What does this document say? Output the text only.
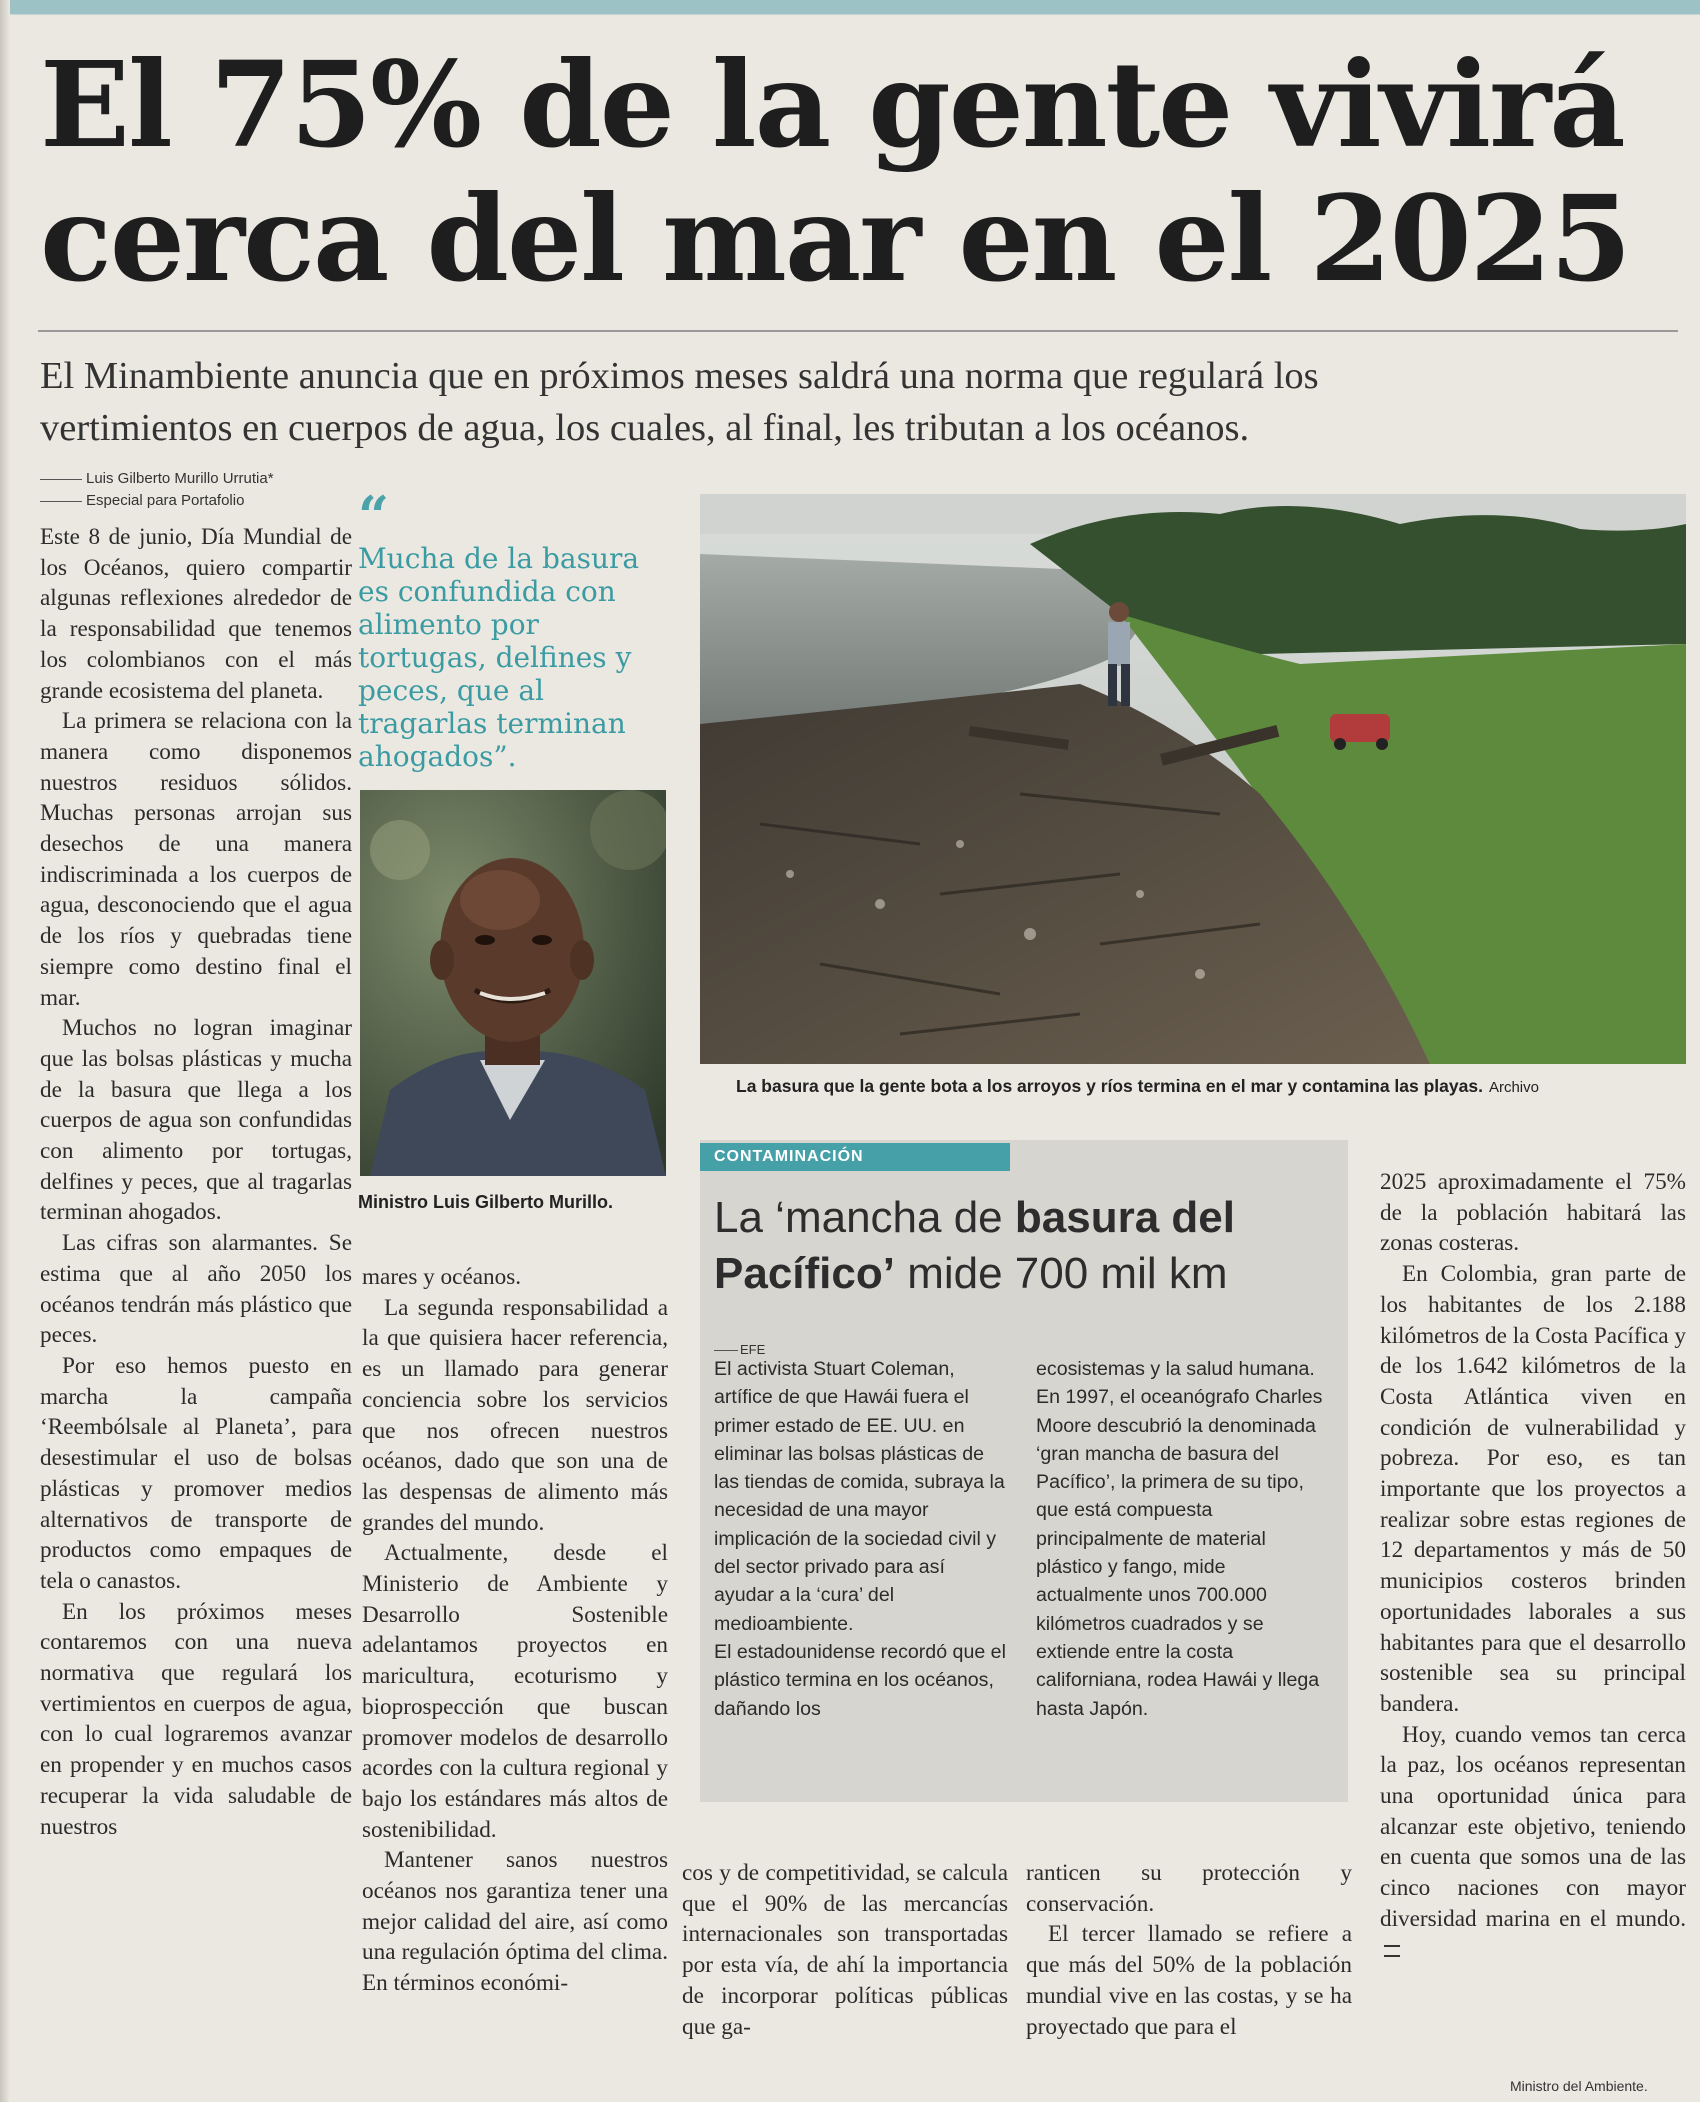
El 75% de la gente vivirá
cerca del mar en el 2025
El Minambiente anuncia que en próximos meses saldrá una norma que regulará los
vertimientos en cuerpos de agua, los cuales, al final, les tributan a los océanos.
Luis Gilberto Murillo Urrutia*
Especial para Portafolio

Este 8 de junio, Día Mundial de los Océanos, quiero compartir algunas reflexiones alrededor de la responsabilidad que tenemos los colombianos con el más grande ecosistema del planeta.

La primera se relaciona con la manera como disponemos nuestros residuos sólidos. Muchas personas arrojan sus desechos de una manera indiscriminada a los cuerpos de agua, desconociendo que el agua de los ríos y quebradas tiene siempre como destino final el mar.

Muchos no logran imaginar que las bolsas plásticas y mucha de la basura que llega a los cuerpos de agua son confundidas con alimento por tortugas, delfines y peces, que al tragarlas terminan ahogados.

Las cifras son alarmantes. Se estima que al año 2050 los océanos tendrán más plástico que peces.

Por eso hemos puesto en marcha la campaña ‘Reembólsale al Planeta’, para desestimular el uso de bolsas plásticas y promover medios alternativos de transporte de productos como empaques de tela o canastos.

En los próximos meses contaremos con una nueva normativa que regulará los vertimientos en cuerpos de agua, con lo cual lograremos avanzar en propender y en muchos casos recuperar la vida saludable de nuestros

“
Mucha de la basura es confundida con alimento por tortugas, delfines y peces, que al tragarlas terminan ahogados”.
Ministro Luis Gilberto Murillo.
La basura que la gente bota a los arroyos y ríos termina en el mar y contamina las playas. Archivo
CONTAMINACIÓN
La ‘mancha de basura del
Pacífico’ mide 700 mil km
EFE

El activista Stuart Coleman, artífice de que Hawái fuera el primer estado de EE. UU. en eliminar las bolsas plásticas de las tiendas de comida, subraya la necesidad de una mayor implicación de la sociedad civil y del sector privado para así ayudar a la ‘cura’ del medioambiente.

El estadounidense recordó que el plástico termina en los océanos, dañando los

ecosistemas y la salud humana.

En 1997, el oceanógrafo Charles Moore descubrió la denominada ‘gran mancha de basura del Pacífico’, la primera de su tipo, que está compuesta principalmente de material plástico y fango, mide actualmente unos 700.000 kilómetros cuadrados y se extiende entre la costa californiana, rodea Hawái y llega hasta Japón.

mares y océanos.

La segunda responsabilidad a la que quisiera hacer referencia, es un llamado para generar conciencia sobre los servicios que nos ofrecen nuestros océanos, dado que son una de las despensas de alimento más grandes del mundo.

Actualmente, desde el Ministerio de Ambiente y Desarrollo Sostenible adelantamos proyectos en maricultura, ecoturismo y bioprospección que buscan promover modelos de desarrollo acordes con la cultura regional y bajo los estándares más altos de sostenibilidad.

Mantener sanos nuestros océanos nos garantiza tener una mejor calidad del aire, así como una regulación óptima del clima. En términos económi-

cos y de competitividad, se calcula que el 90% de las mercancías internacionales son transportadas por esta vía, de ahí la importancia de incorporar políticas públicas que ga-

ranticen su protección y conservación.

El tercer llamado se refiere a que más del 50% de la población mundial vive en las costas, y se ha proyectado que para el

2025 aproximadamente el 75% de la población habitará las zonas costeras.

En Colombia, gran parte de los habitantes de los 2.188 kilómetros de la Costa Pacífica y de los 1.642 kilómetros de la Costa Atlántica viven en condición de vulnerabilidad y pobreza. Por eso, es tan importante que los proyectos a realizar sobre estas regiones de 12 departamentos y más de 50 municipios costeros brinden oportunidades laborales a sus habitantes para que el desarrollo sostenible sea su principal bandera.

Hoy, cuando vemos tan cerca la paz, los océanos representan una oportunidad única para alcanzar este objetivo, teniendo en cuenta que somos una de las cinco naciones con mayor diversidad marina en el mundo.

Ministro del Ambiente.
